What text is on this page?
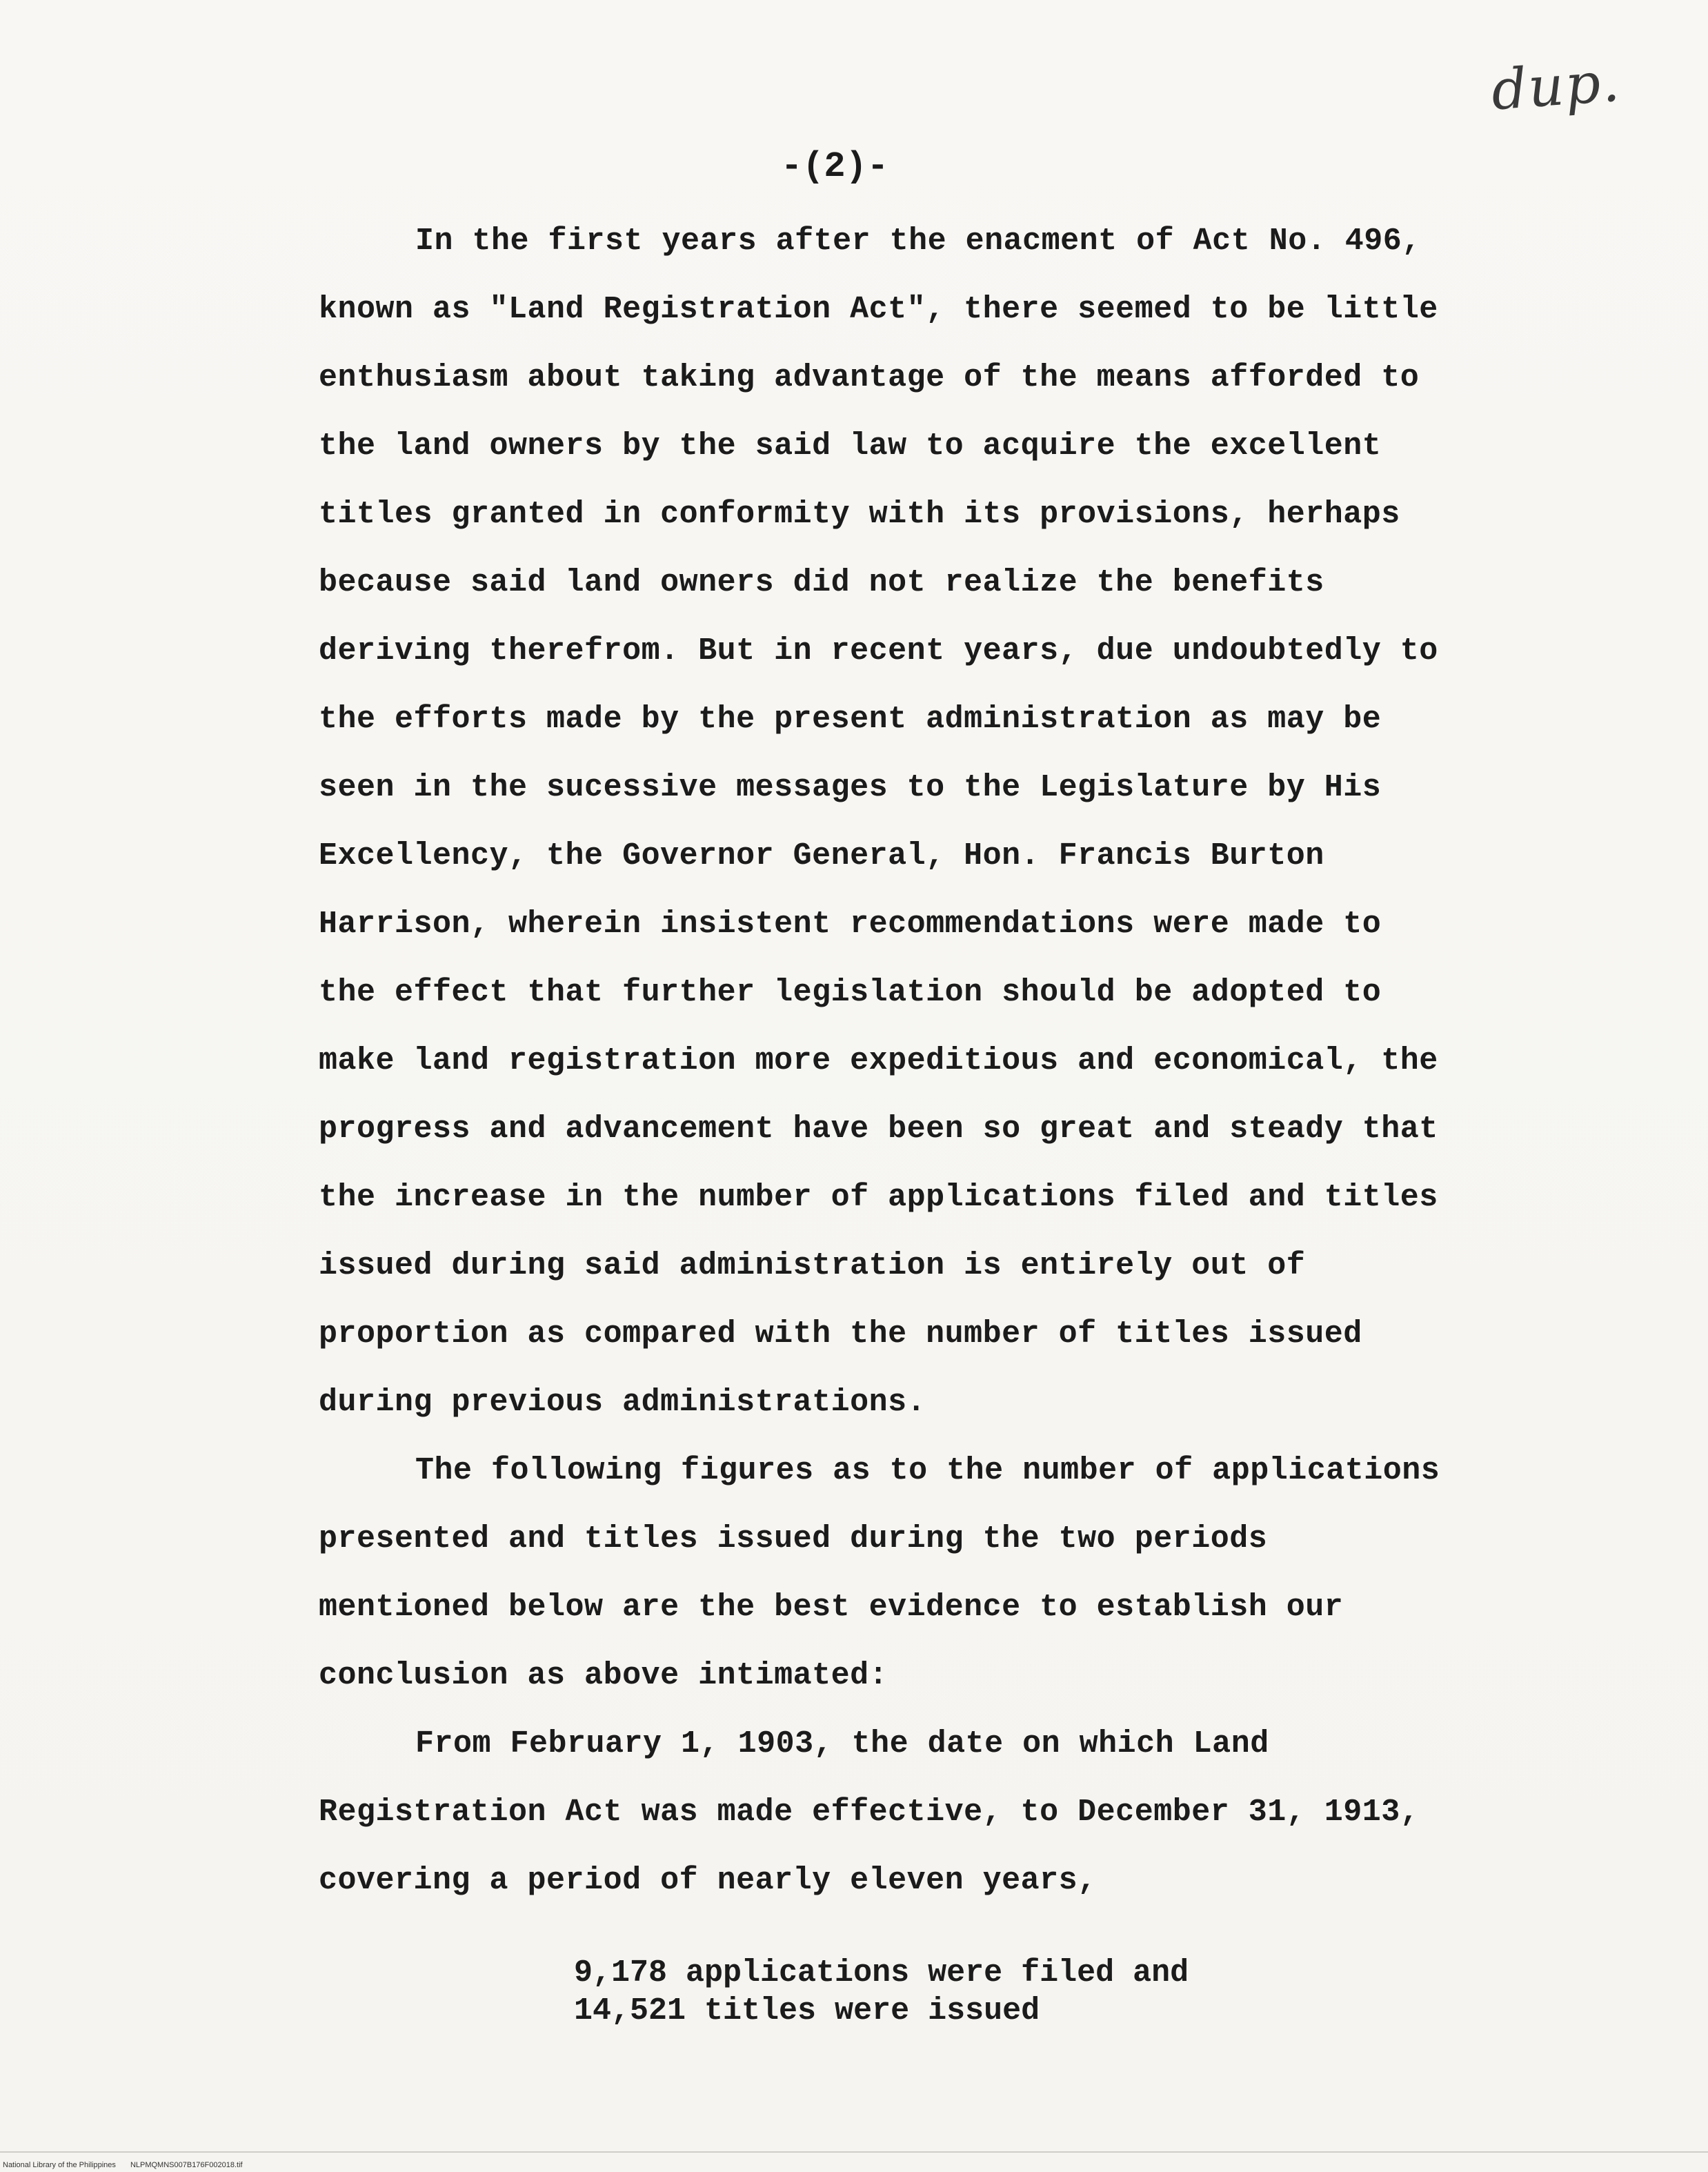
dup.
-(2)-

In the first years after the enacment of Act No. 496, known as "Land Registration Act", there seemed to be little enthusiasm about taking advantage of the means afforded to the land owners by the said law to acquire the excellent titles granted in conformity with its provisions, herhaps because said land owners did not realize the benefits deriving therefrom. But in recent years, due undoubtedly to the efforts made by the present administration as may be seen in the sucessive messages to the Legislature by His Excellency, the Governor General, Hon. Francis Burton Harrison, wherein insistent recommendations were made to the effect that further legislation should be adopted to make land registration more expeditious and economical, the progress and advancement have been so great and steady that the increase in the number of applications filed and titles issued during said administration is entirely out of proportion as compared with the number of titles issued during previous administrations.

The following figures as to the number of applications presented and titles issued during the two periods mentioned below are the best evidence to establish our conclusion as above intimated:

From February 1, 1903, the date on which Land Registration Act was made effective, to December 31, 1913, covering a period of nearly eleven years,

9,178 applications were filed and
14,521 titles were issued
National Library of the Philippines NLPMQMNS007B176F002018.tif
